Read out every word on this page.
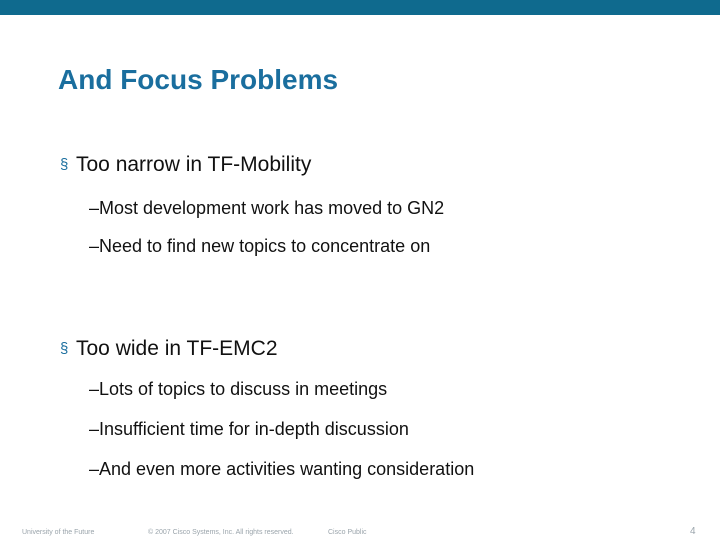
And Focus Problems
§ Too narrow in TF-Mobility
–Most development work has moved to GN2
–Need to find new topics to concentrate on
§ Too wide in TF-EMC2
–Lots of topics to discuss in meetings
–Insufficient time for in-depth discussion
–And even more activities wanting consideration
University of the Future	© 2007 Cisco Systems, Inc. All rights reserved.	Cisco Public	4
